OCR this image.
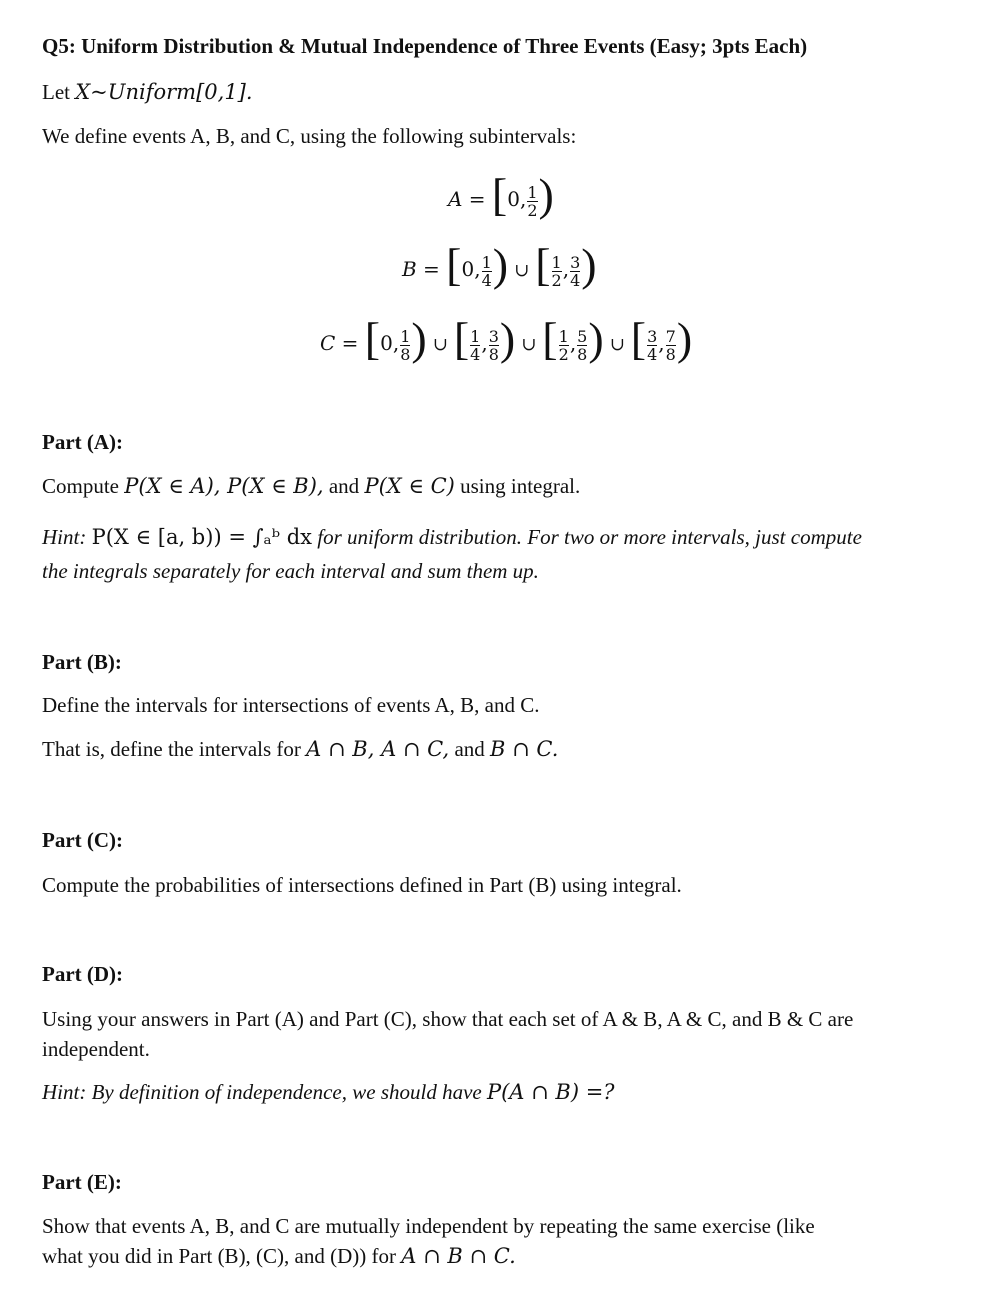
Q5: Uniform Distribution & Mutual Independence of Three Events (Easy; 3pts Each)
Let X~Uniform[0,1].
We define events A, B, and C, using the following subintervals:
A = [0, $\frac{1}{2}$ )
B = [0, $\frac{1}{4}$ ) ∪ [ $\frac{1}{2}$ , $\frac{3}{4}$ )
C = [0, $\frac{1}{8}$ ) ∪ [ $\frac{1}{4}$ , $\frac{3}{8}$ ) ∪ [ $\frac{1}{2}$ , $\frac{5}{8}$ ) ∪ [ $\frac{3}{4}$ , $\frac{7}{8}$ )
Part (A):
Compute P(X ∈ A), P(X ∈ B), and P(X ∈ C) using integral.
Hint: P(X ∈ [a, b)) = ∫ₐᵇ dx for uniform distribution. For two or more intervals, just compute
the integrals separately for each interval and sum them up.
Part (B):
Define the intervals for intersections of events A, B, and C.
That is, define the intervals for A ∩ B, A ∩ C, and B ∩ C.
Part (C):
Compute the probabilities of intersections defined in Part (B) using integral.
Part (D):
Using your answers in Part (A) and Part (C), show that each set of A & B, A & C, and B & C are
independent.
Hint: By definition of independence, we should have P(A ∩ B) =?
Part (E):
Show that events A, B, and C are mutually independent by repeating the same exercise (like
what you did in Part (B), (C), and (D)) for A ∩ B ∩ C.
